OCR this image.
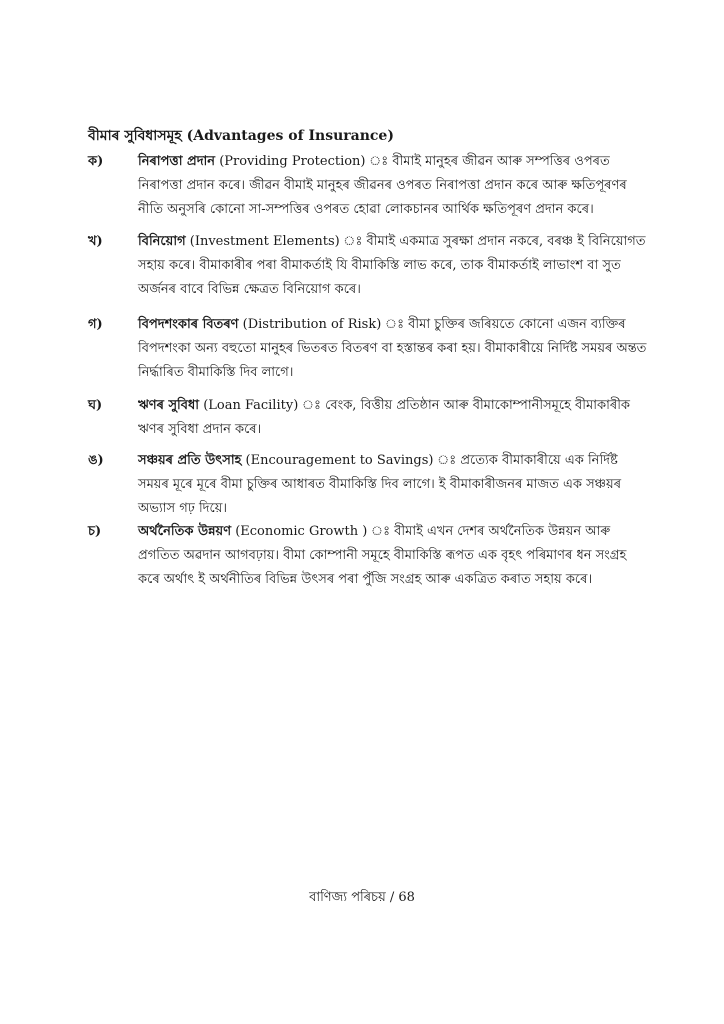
বীমাৰ সুবিধাসমূহ (Advantages of Insurance)
ক)	নিৰাপত্তা প্ৰদান (Providing Protection) ঃ বীমাই মানুহৰ জীৱন আৰু সম্পত্তিৰ ওপৰত নিৰাপত্তা প্ৰদান কৰে। জীৱন বীমাই মানুহৰ জীৱনৰ ওপৰত নিৰাপত্তা প্ৰদান কৰে আৰু ক্ষতিপূৰণৰ নীতি অনুসৰি কোনো সা-সম্পত্তিৰ ওপৰত হোৱা লোকচানৰ আৰ্থিক ক্ষতিপূৰণ প্ৰদান কৰে।
খ)	বিনিয়োগ (Investment Elements) ঃ বীমাই একমাত্ৰ সুৰক্ষা প্ৰদান নকৰে, বৰঞ্চ ই বিনিয়োগত সহায় কৰে। বীমাকাৰীৰ পৰা বীমাকৰ্তাই যি বীমাকিস্তি লাভ কৰে, তাক বীমাকৰ্তাই লাভাংশ বা সুত অৰ্জনৰ বাবে বিভিন্ন ক্ষেত্ৰত বিনিয়োগ কৰে।
গ)	বিপদশংকাৰ বিতৰণ (Distribution of Risk) ঃ বীমা চুক্তিৰ জৰিয়তে কোনো এজন ব্যক্তিৰ বিপদশংকা অন্য বহুতো মানুহৰ ভিতৰত বিতৰণ বা হস্তান্তৰ কৰা হয়। বীমাকাৰীয়ে নিৰ্দিষ্ট সময়ৰ অন্তত নিৰ্দ্ধাৰিত বীমাকিস্তি দিব লাগে।
ঘ)	ঋণৰ সুবিধা (Loan Facility) ঃ বেংক, বিত্তীয় প্ৰতিষ্ঠান আৰু বীমাকোম্পানীসমূহে বীমাকাৰীক ঋণৰ সুবিধা প্ৰদান কৰে।
ঙ)	সঞ্চয়ৰ প্ৰতি উৎসাহ (Encouragement to Savings) ঃ প্ৰত্যেক বীমাকাৰীয়ে এক নিৰ্দিষ্ট সময়ৰ মূৰে মূৰে বীমা চুক্তিৰ আধাৰত বীমাকিস্তি দিব লাগে। ই বীমাকাৰীজনৰ মাজত এক সঞ্চয়ৰ অভ্যাস গঢ় দিয়ে।
চ)	অৰ্থনৈতিক উন্নয়ণ (Economic Growth ) ঃ বীমাই এখন দেশৰ অৰ্থনৈতিক উন্নয়ন আৰু প্ৰগতিত অৱদান আগবঢ়ায়। বীমা কোম্পানী সমূহে বীমাকিস্তি ৰূপত এক বৃহৎ পৰিমাণৰ ধন সংগ্ৰহ কৰে অৰ্থাৎ ই অৰ্থনীতিৰ বিভিন্ন উৎসৰ পৰা পুঁজি সংগ্ৰহ আৰু একত্ৰিত কৰাত সহায় কৰে।
বাণিজ্য পৰিচয় / 68
